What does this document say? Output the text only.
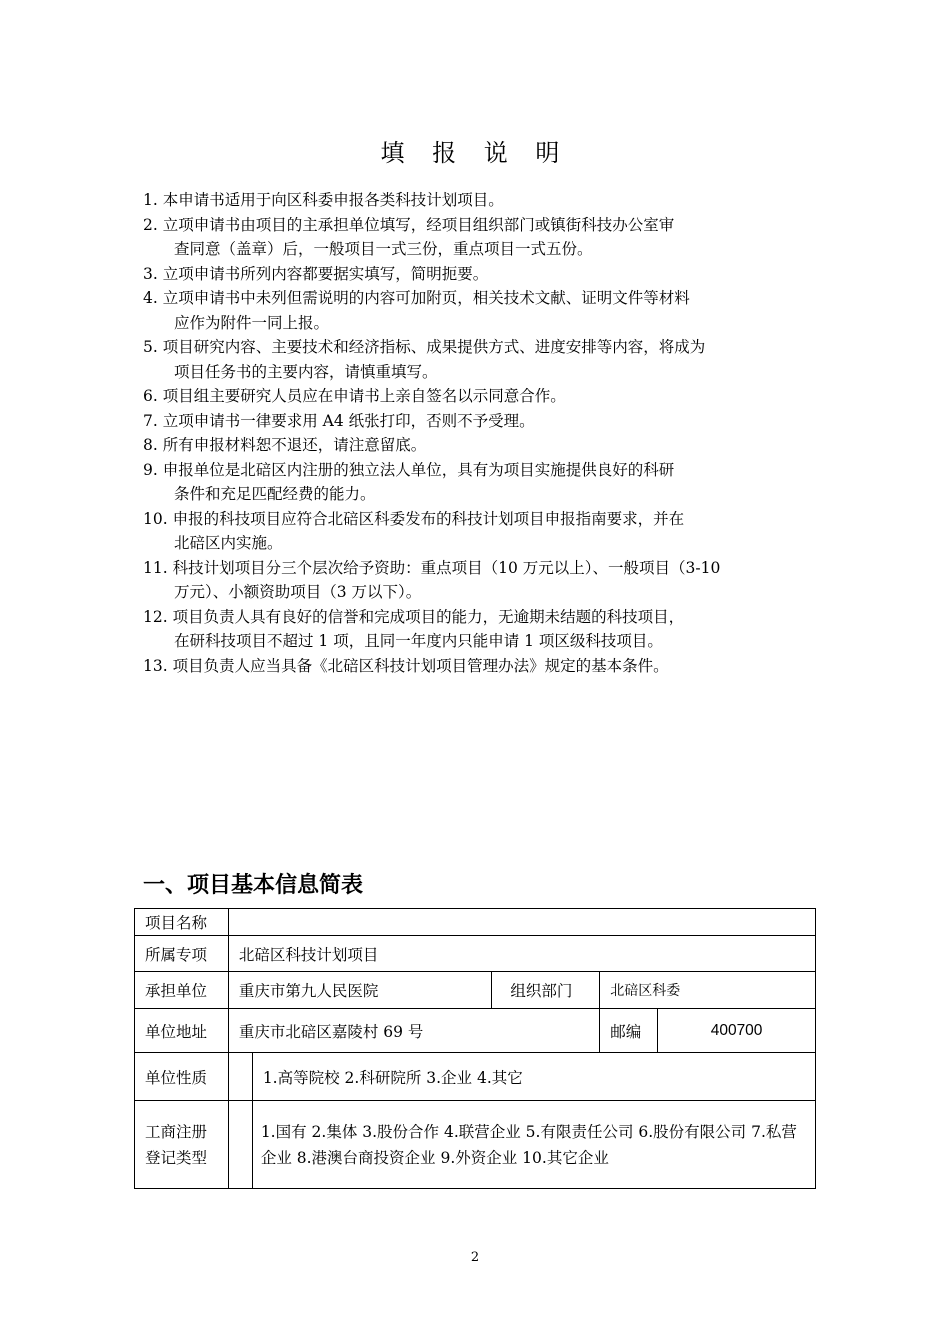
填 报 说 明

1. 本申请书适用于向区科委申报各类科技计划项目。

2. 立项申请书由项目的主承担单位填写，经项目组织部门或镇街科技办公室审
查同意（盖章）后，一般项目一式三份，重点项目一式五份。

3. 立项申请书所列内容都要据实填写，简明扼要。

4. 立项申请书中未列但需说明的内容可加附页，相关技术文献、证明文件等材料
应作为附件一同上报。

5. 项目研究内容、主要技术和经济指标、成果提供方式、进度安排等内容，将成为
项目任务书的主要内容，请慎重填写。

6. 项目组主要研究人员应在申请书上亲自签名以示同意合作。

7. 立项申请书一律要求用 A4 纸张打印，否则不予受理。

8. 所有申报材料恕不退还，请注意留底。

9. 申报单位是北碚区内注册的独立法人单位，具有为项目实施提供良好的科研
条件和充足匹配经费的能力。

10. 申报的科技项目应符合北碚区科委发布的科技计划项目申报指南要求，并在
北碚区内实施。

11. 科技计划项目分三个层次给予资助：重点项目（10 万元以上）、一般项目（3-10
万元）、小额资助项目（3 万以下）。

12. 项目负责人具有良好的信誉和完成项目的能力，无逾期未结题的科技项目，
在研科技项目不超过 1 项，且同一年度内只能申请 1 项区级科技项目。

13. 项目负责人应当具备《北碚区科技计划项目管理办法》规定的基本条件。

一、项目基本信息简表
项目名称					
所属专项	北碚区科技计划项目				
承担单位	重庆市第九人民医院		组织部门	北碚区科委	
单位地址	重庆市北碚区嘉陵村 69 号			邮编	400700
单位性质		1.高等院校 2.科研院所 3.企业 4.其它			
工商注册
登记类型		1.国有 2.集体 3.股份合作 4.联营企业 5.有限责任公司 6.股份有限公司 7.私营企业 8.港澳台商投资企业 9.外资企业 10.其它企业			
2
